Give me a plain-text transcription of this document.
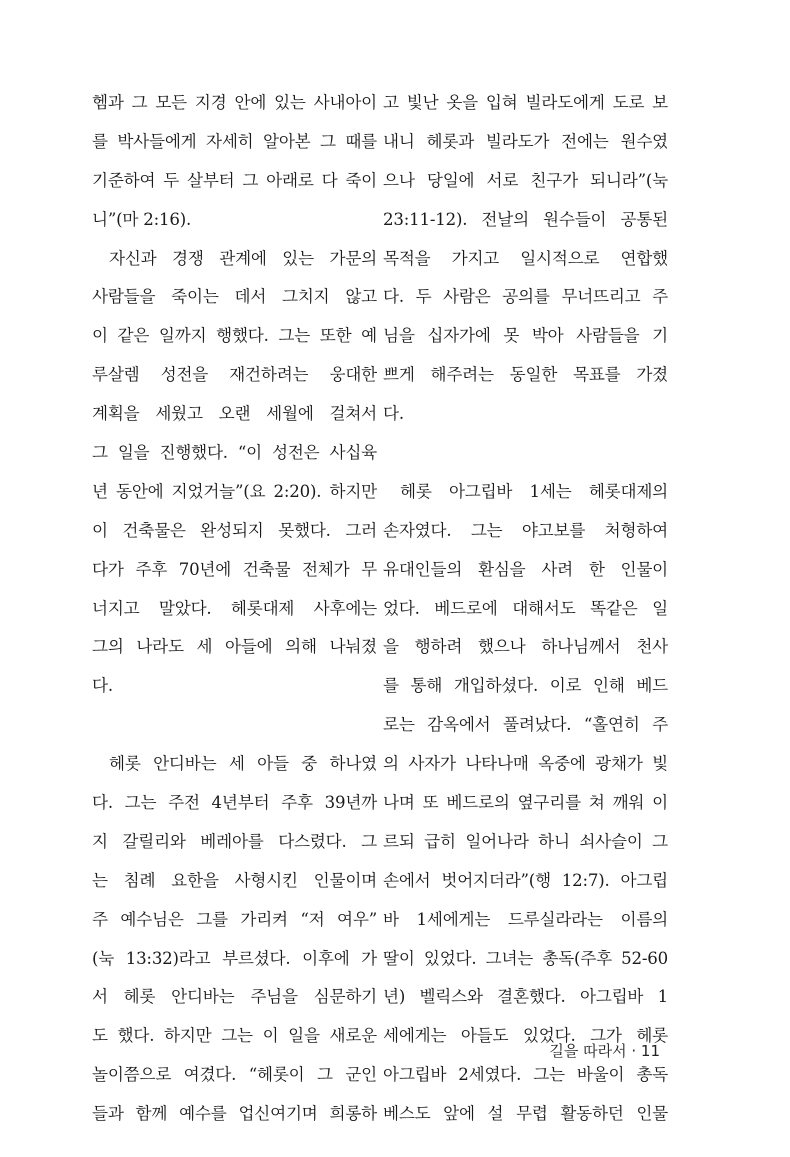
헴과 그 모든 지경 안에 있는 사내아이
를 박사들에게 자세히 알아본 그 때를
기준하여 두 살부터 그 아래로 다 죽이
니”(마 2:16).
자신과 경쟁 관계에 있는 가문의
사람들을 죽이는 데서 그치지 않고
이 같은 일까지 행했다. 그는 또한 예
루살렘 성전을 재건하려는 웅대한
계획을 세웠고 오랜 세월에 걸쳐서
그 일을 진행했다. “이 성전은 사십육
년 동안에 지었거늘”(요 2:20). 하지만
이 건축물은 완성되지 못했다. 그러
다가 주후 70년에 건축물 전체가 무
너지고 말았다. 헤롯대제 사후에는
그의 나라도 세 아들에 의해 나눠졌
다.
헤롯 안디바는 세 아들 중 하나였
다. 그는 주전 4년부터 주후 39년까
지 갈릴리와 베레아를 다스렸다. 그
는 침례 요한을 사형시킨 인물이며
주 예수님은 그를 가리켜 “저 여우”
(눅 13:32)라고 부르셨다. 이후에 가
서 헤롯 안디바는 주님을 심문하기
도 했다. 하지만 그는 이 일을 새로운
놀이쯤으로 여겼다. “헤롯이 그 군인
들과 함께 예수를 업신여기며 희롱하
고 빛난 옷을 입혀 빌라도에게 도로 보
내니 헤롯과 빌라도가 전에는 원수였
으나 당일에 서로 친구가 되니라”(눅
23:11-12). 전날의 원수들이 공통된
목적을 가지고 일시적으로 연합했
다. 두 사람은 공의를 무너뜨리고 주
님을 십자가에 못 박아 사람들을 기
쁘게 해주려는 동일한 목표를 가졌
다.
헤롯 아그립바 1세는 헤롯대제의
손자였다. 그는 야고보를 처형하여
유대인들의 환심을 사려 한 인물이
었다. 베드로에 대해서도 똑같은 일
을 행하려 했으나 하나님께서 천사
를 통해 개입하셨다. 이로 인해 베드
로는 감옥에서 풀려났다. “홀연히 주
의 사자가 나타나매 옥중에 광채가 빛
나며 또 베드로의 옆구리를 쳐 깨워 이
르되 급히 일어나라 하니 쇠사슬이 그
손에서 벗어지더라”(행 12:7). 아그립
바 1세에게는 드루실라라는 이름의
딸이 있었다. 그녀는 총독(주후 52-60
년) 벨릭스와 결혼했다. 아그립바 1
세에게는 아들도 있었다. 그가 헤롯
아그립바 2세였다. 그는 바울이 총독
베스도 앞에 설 무렵 활동하던 인물
길을 따라서 · 11
